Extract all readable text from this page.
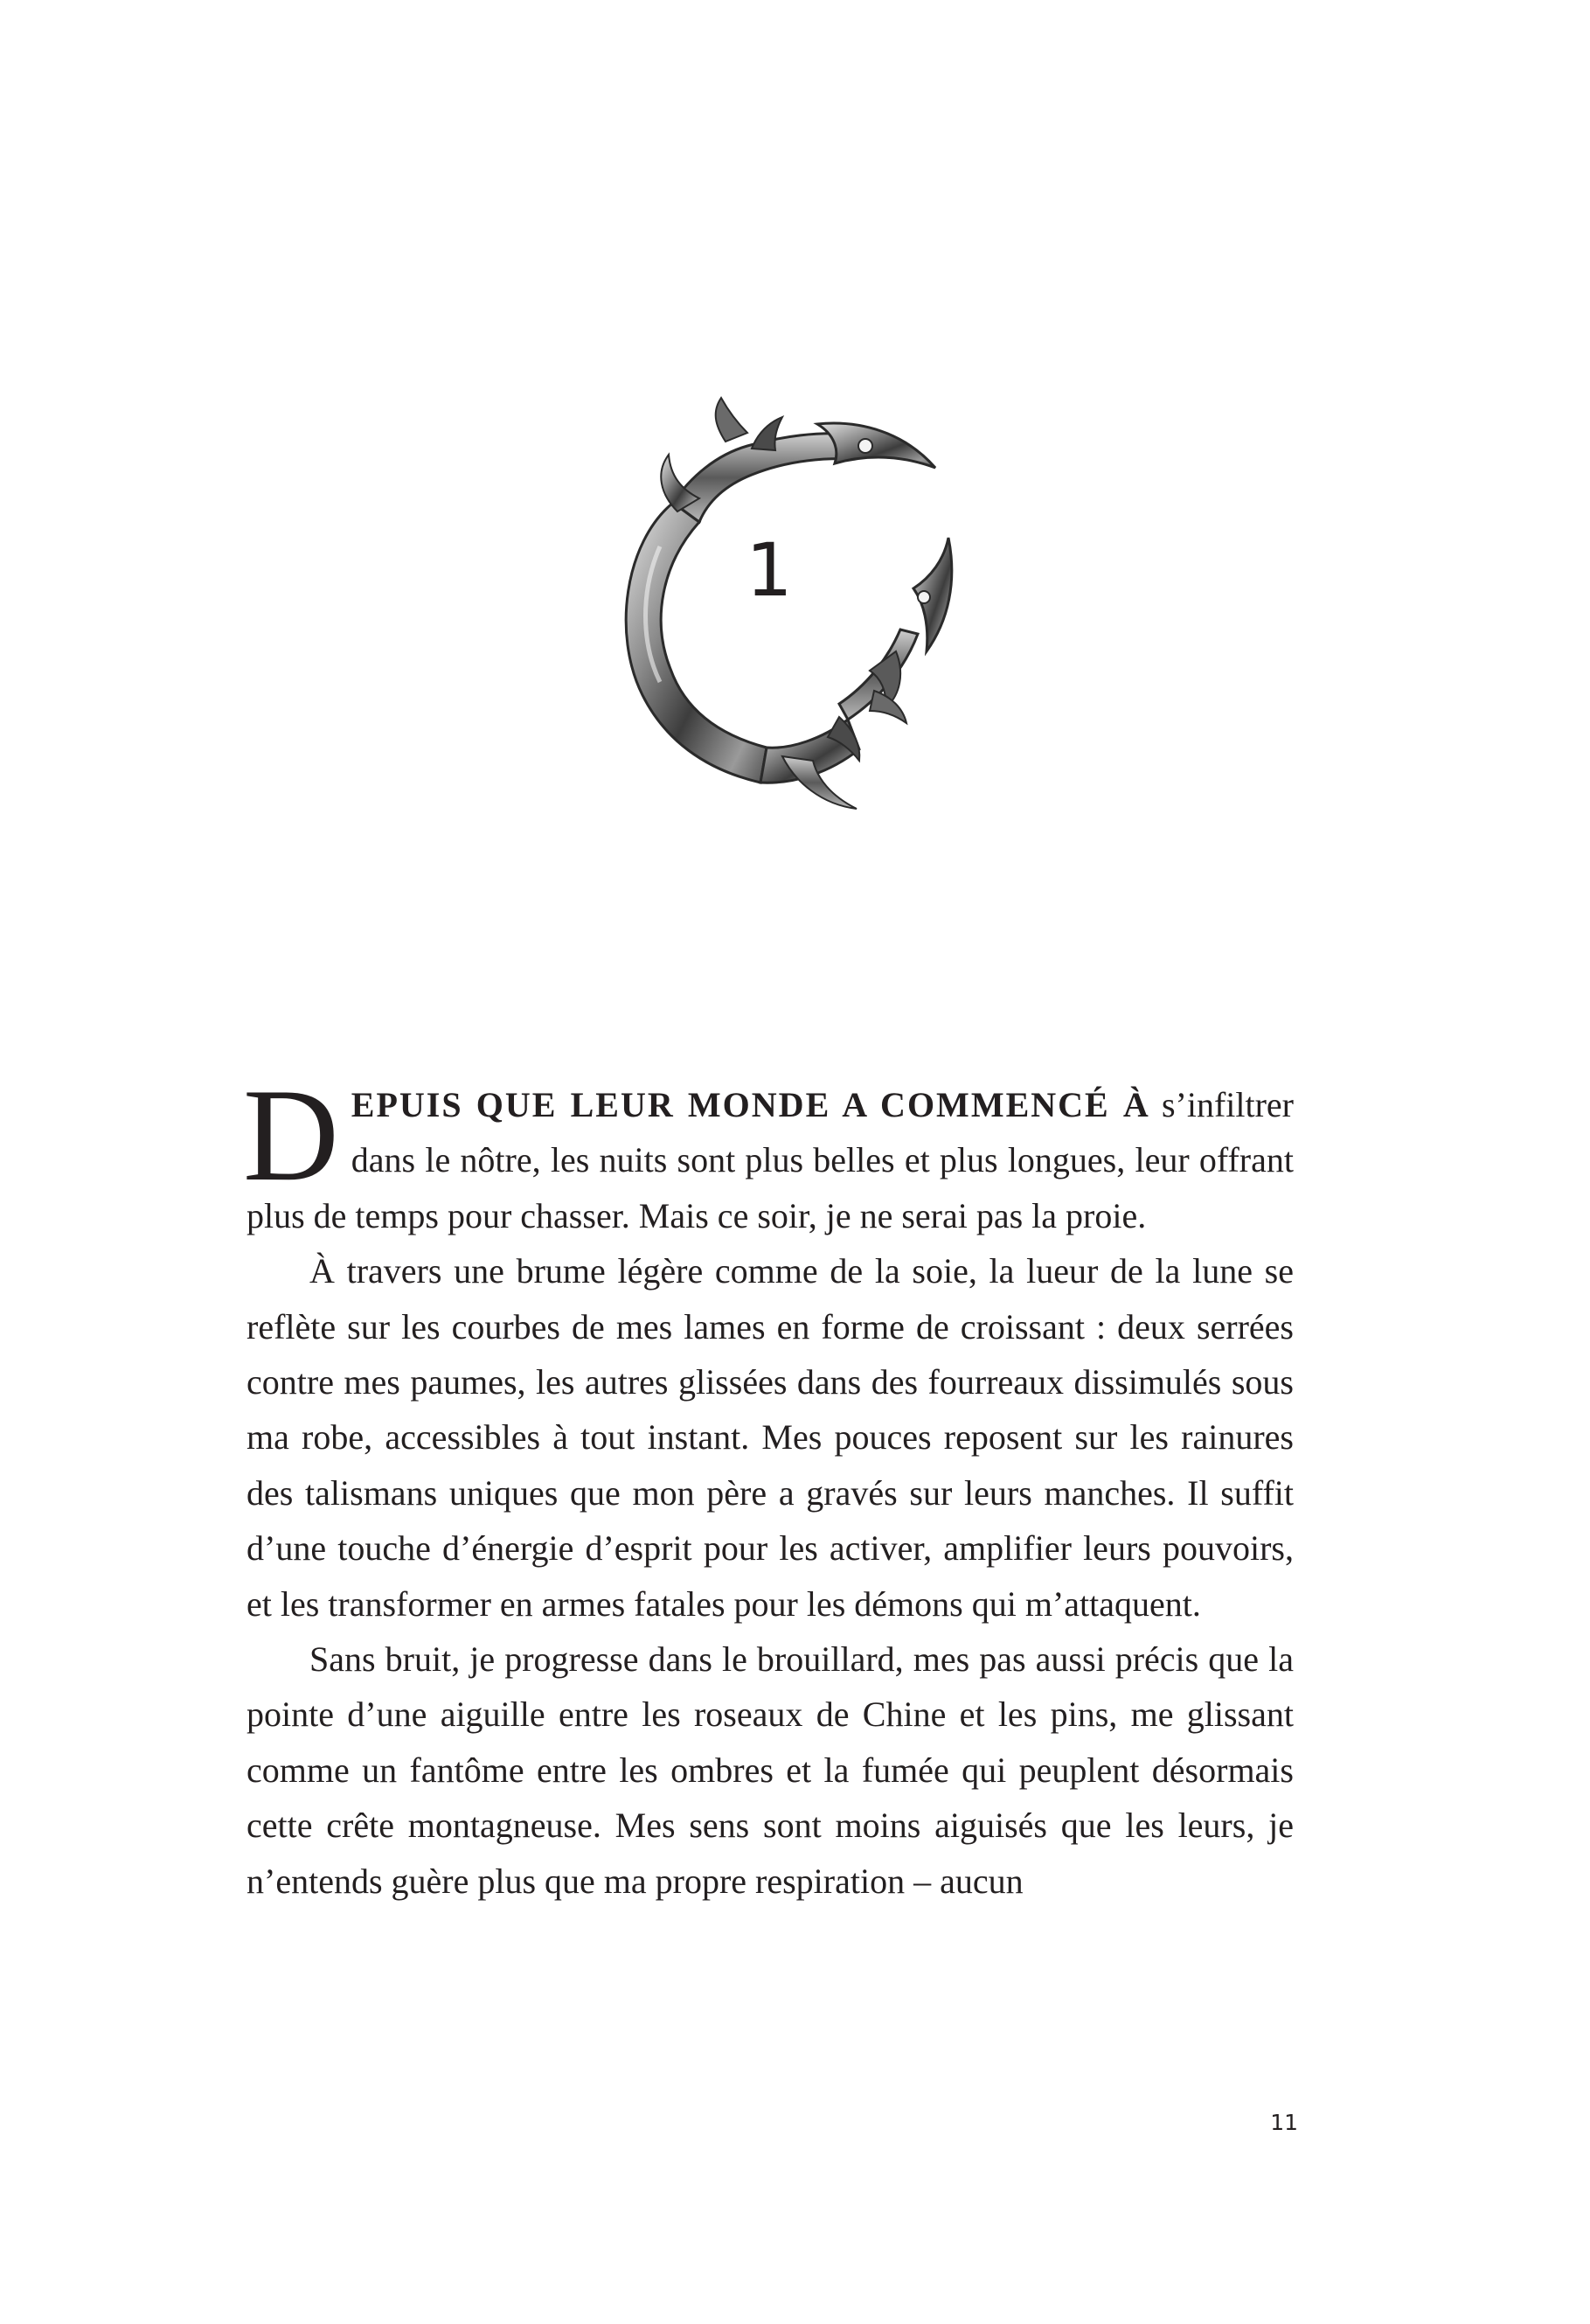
1

DEPUIS QUE LEUR MONDE A COMMENCÉ À s’infiltrer dans le nôtre, les nuits sont plus belles et plus longues, leur offrant plus de temps pour chasser. Mais ce soir, je ne serai pas la proie.

À travers une brume légère comme de la soie, la lueur de la lune se reflète sur les courbes de mes lames en forme de croissant : deux serrées contre mes paumes, les autres glissées dans des fourreaux dissimulés sous ma robe, accessibles à tout instant. Mes pouces reposent sur les rainures des talismans uniques que mon père a gravés sur leurs manches. Il suffit d’une touche d’énergie d’esprit pour les activer, amplifier leurs pouvoirs, et les transformer en armes fatales pour les démons qui m’attaquent.

Sans bruit, je progresse dans le brouillard, mes pas aussi précis que la pointe d’une aiguille entre les roseaux de Chine et les pins, me glissant comme un fantôme entre les ombres et la fumée qui peuplent désormais cette crête montagneuse. Mes sens sont moins aiguisés que les leurs, je n’entends guère plus que ma propre respiration – aucun

11
